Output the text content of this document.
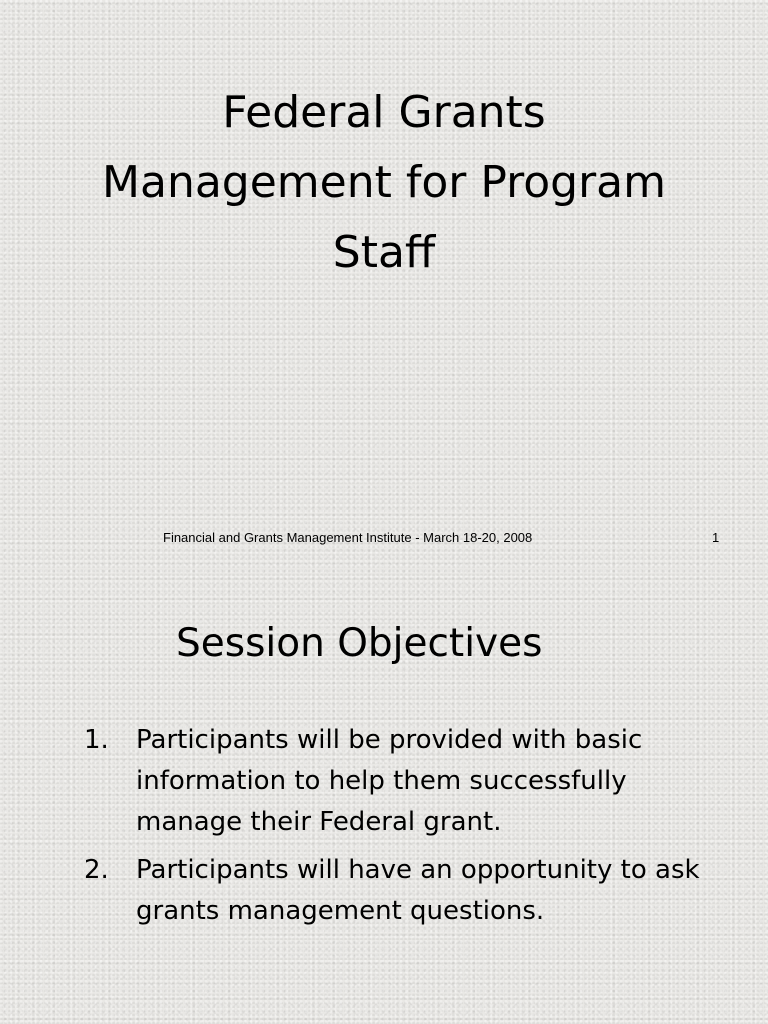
Federal Grants
Management for Program
Staff

Financial and Grants Management Institute - March 18-20, 2008	1

Session Objectives
1.	Participants will be provided with basic information to help them successfully manage their Federal grant.
2.	Participants will have an opportunity to ask grants management questions.
